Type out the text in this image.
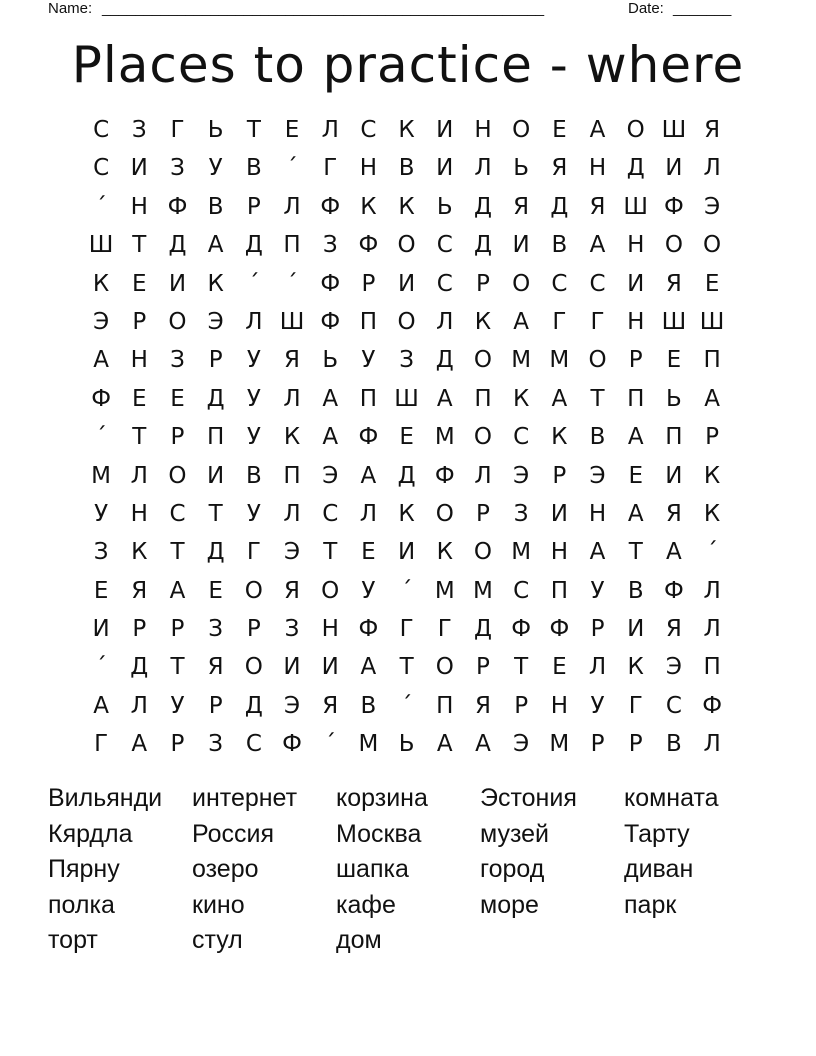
Name: _____________________________________________________	Date: _______
Places to practice - where
С З	Г	Ь	Т	Е Л С К И Н О Е	А О Ш Я
С И З	У	В	´	Г Н В И Л Ь Я Н Д И Л
´	Н Ф В	Р Л Ф К К Ь Д Я Д Я Ш Ф Э
Ш Т Д А Д П З Ф О С Д И В А Н О О
К Е И К	´	´ Ф Р И С	Р О С С И Я Е
Э	Р О Э Л Ш Ф П О Л К А	Г	Г Н Ш Ш
А Н З	Р	У	Я Ь	У	З Д О М М О Р	Е П
Ф Е	Е Д У Л А П Ш А П К А	Т П Ь А
´	Т	Р П У	К А Ф Е М О С К В А П Р
М Л О И В П Э А Д Ф Л Э	Р	Э Е И К
У Н С	Т	У Л С Л К О Р	З И Н А Я К
З К Т Д Г	Э	Т	Е И К О М Н А	Т	А	´
Е Я А	Е О Я О У	´ М М С П У	В Ф Л
И Р	Р	З	Р	З Н Ф Г	Г Д Ф Ф Р И Я Л
´	Д Т	Я О И И А	Т О Р	Т	Е Л К Э П
А Л У	Р Д Э Я В	´	П Я	Р Н У	Г	С Ф
Г	А	Р	З С Ф ´ М Ь А А Э М Р	Р	В Л
Вильянди	интернет	корзина	Эстония	комната
Кярдла	Россия	Москва	музей	Тарту
Пярну	озеро	шапка	город	диван
полка	кино	кафе	море	парк
торт	стул	дом
